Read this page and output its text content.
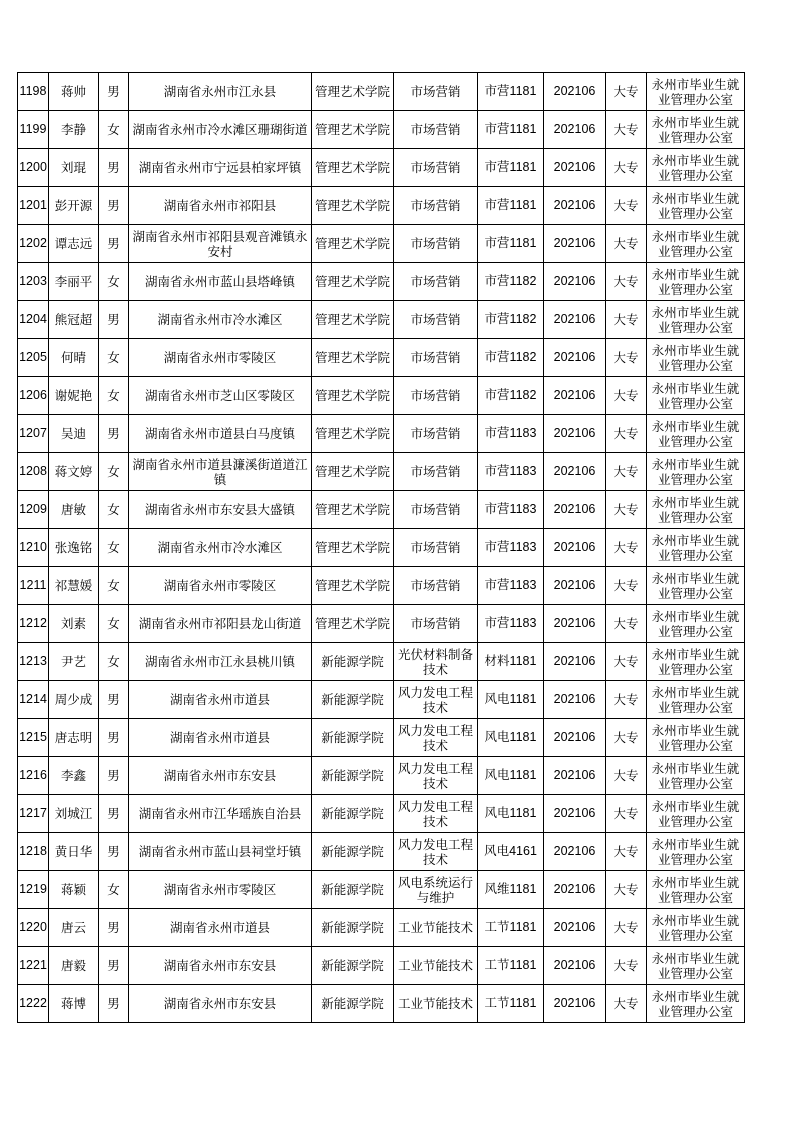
1198	蒋帅	男	湖南省永州市江永县	管理艺术学院	市场营销	市营1181	202106	大专	永州市毕业生就业管理办公室
1199	李静	女	湖南省永州市冷水滩区珊瑚街道	管理艺术学院	市场营销	市营1181	202106	大专	永州市毕业生就业管理办公室
1200	刘琨	男	湖南省永州市宁远县柏家坪镇	管理艺术学院	市场营销	市营1181	202106	大专	永州市毕业生就业管理办公室
1201	彭开源	男	湖南省永州市祁阳县	管理艺术学院	市场营销	市营1181	202106	大专	永州市毕业生就业管理办公室
1202	谭志远	男	湖南省永州市祁阳县观音滩镇永安村	管理艺术学院	市场营销	市营1181	202106	大专	永州市毕业生就业管理办公室
1203	李丽平	女	湖南省永州市蓝山县塔峰镇	管理艺术学院	市场营销	市营1182	202106	大专	永州市毕业生就业管理办公室
1204	熊冠超	男	湖南省永州市冷水滩区	管理艺术学院	市场营销	市营1182	202106	大专	永州市毕业生就业管理办公室
1205	何晴	女	湖南省永州市零陵区	管理艺术学院	市场营销	市营1182	202106	大专	永州市毕业生就业管理办公室
1206	谢妮艳	女	湖南省永州市芝山区零陵区	管理艺术学院	市场营销	市营1182	202106	大专	永州市毕业生就业管理办公室
1207	吴迪	男	湖南省永州市道县白马度镇	管理艺术学院	市场营销	市营1183	202106	大专	永州市毕业生就业管理办公室
1208	蒋文婷	女	湖南省永州市道县濂溪街道道江镇	管理艺术学院	市场营销	市营1183	202106	大专	永州市毕业生就业管理办公室
1209	唐敏	女	湖南省永州市东安县大盛镇	管理艺术学院	市场营销	市营1183	202106	大专	永州市毕业生就业管理办公室
1210	张逸铭	女	湖南省永州市冷水滩区	管理艺术学院	市场营销	市营1183	202106	大专	永州市毕业生就业管理办公室
1211	祁慧媛	女	湖南省永州市零陵区	管理艺术学院	市场营销	市营1183	202106	大专	永州市毕业生就业管理办公室
1212	刘素	女	湖南省永州市祁阳县龙山街道	管理艺术学院	市场营销	市营1183	202106	大专	永州市毕业生就业管理办公室
1213	尹艺	女	湖南省永州市江永县桃川镇	新能源学院	光伏材料制备技术	材料1181	202106	大专	永州市毕业生就业管理办公室
1214	周少成	男	湖南省永州市道县	新能源学院	风力发电工程技术	风电1181	202106	大专	永州市毕业生就业管理办公室
1215	唐志明	男	湖南省永州市道县	新能源学院	风力发电工程技术	风电1181	202106	大专	永州市毕业生就业管理办公室
1216	李鑫	男	湖南省永州市东安县	新能源学院	风力发电工程技术	风电1181	202106	大专	永州市毕业生就业管理办公室
1217	刘城江	男	湖南省永州市江华瑶族自治县	新能源学院	风力发电工程技术	风电1181	202106	大专	永州市毕业生就业管理办公室
1218	黄日华	男	湖南省永州市蓝山县祠堂圩镇	新能源学院	风力发电工程技术	风电4161	202106	大专	永州市毕业生就业管理办公室
1219	蒋颖	女	湖南省永州市零陵区	新能源学院	风电系统运行与维护	风维1181	202106	大专	永州市毕业生就业管理办公室
1220	唐云	男	湖南省永州市道县	新能源学院	工业节能技术	工节1181	202106	大专	永州市毕业生就业管理办公室
1221	唐毅	男	湖南省永州市东安县	新能源学院	工业节能技术	工节1181	202106	大专	永州市毕业生就业管理办公室
1222	蒋博	男	湖南省永州市东安县	新能源学院	工业节能技术	工节1181	202106	大专	永州市毕业生就业管理办公室
